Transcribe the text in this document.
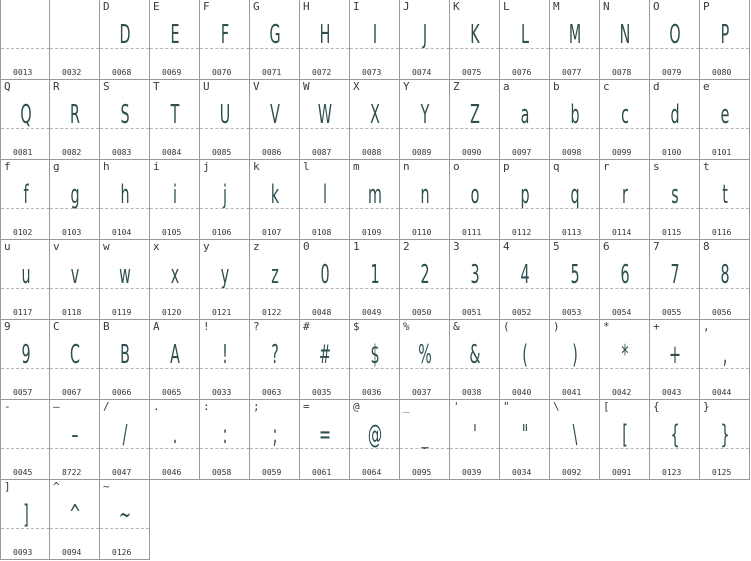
0013	0032
D
D
0068
E
E
0069
F
F
0070
G
G
0071
H
H
0072
I
I
0073
J
J
0074
K
K
0075
L
L
0076
M
M
0077
N
N
0078
O
O
0079
P
P
0080
Q
Q
0081
R
R
0082
S
S
0083
T
T
0084
U
U
0085
V
V
0086
W
W
0087
X
X
0088
Y
Y
0089
Z
Z
0090
a
a
0097
b
b
0098
c
c
0099
d
d
0100
e
e
0101
f
f
0102
g
g
0103
h
h
0104
i
i
0105
j
j
0106
k
k
0107
l
l
0108
m
m
0109
n
n
0110
o
o
0111
p
p
0112
q
q
0113
r
r
0114
s
s
0115
t
t
0116
u
u
0117
v
v
0118
w
w
0119
x
x
0120
y
y
0121
z
z
0122
0
0
0048
1
1
0049
2
2
0050
3
3
0051
4
4
0052
5
5
0053
6
6
0054
7
7
0055
8
8
0056
9
9
0057
C
C
0067
B
B
0066
A
A
0065
!
!
0033
?
?
0063
#
#
0035
$
$
0036
%
%
0037
&
&
0038
(
(
0040
)
)
0041
*
*
0042
+
+
0043
,
,
0044
-
0045
–
–
8722
/
/
0047
.
.
0046
:
:
0058
;
;
0059
=
=
0061
@
@
0064
_
_
0095
'
'
0039
"
"
0034
\
\
0092
[
[
0091
{
{
0123
}
}
0125
]
]
0093
^
^
0094
~
~
0126
